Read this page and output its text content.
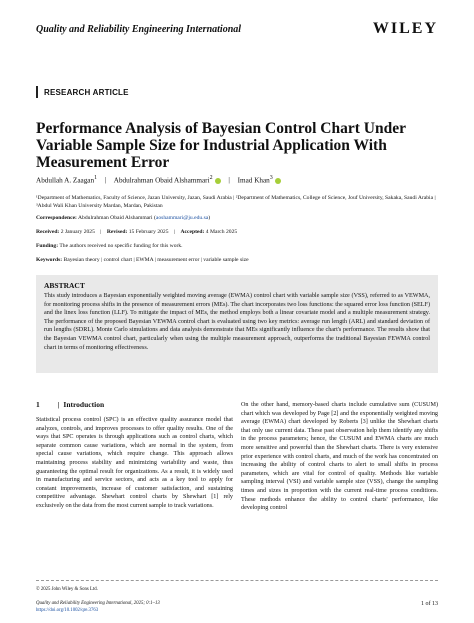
Quality and Reliability Engineering International	WILEY
RESEARCH ARTICLE
Performance Analysis of Bayesian Control Chart Under Variable Sample Size for Industrial Application With Measurement Error
Abdullah A. Zaagan$^1$ | Abdulrahman Obaid Alshammari$^2$ | Imad Khan$^3$
¹Department of Mathematics, Faculty of Science, Jazan University, Jazan, Saudi Arabia | ²Department of Mathematics, College of Science, Jouf University, Sakaka, Saudi Arabia | ³Abdul Wali Khan University Mardan, Mardan, Pakistan
Correspondence: Abdulrahman Obaid Alshammari (aoshammari@ju.edu.sa)
Received: 2 January 2025 | Revised: 15 February 2025 | Accepted: 4 March 2025
Funding: The authors received no specific funding for this work.
Keywords: Bayesian theory | control chart | EWMA | measurement error | variable sample size
ABSTRACT
This study introduces a Bayesian exponentially weighted moving average (EWMA) control chart with variable sample size (VSS), referred to as VEWMA, for monitoring process shifts in the presence of measurement errors (MEs). The chart incorporates two loss functions: the squared error loss function (SELF) and the linex loss function (LLF). To mitigate the impact of MEs, the method employs both a linear covariate model and a multiple measurement strategy. The performance of the proposed Bayesian VEWMA control chart is evaluated using two key metrics: average run length (ARL) and standard deviation of run lengths (SDRL). Monte Carlo simulations and data analysis demonstrate that MEs significantly influence the chart's performance. The results show that the Bayesian VEWMA control chart, particularly when using the multiple measurement approach, outperforms the traditional Bayesian FEWMA control chart in terms of monitoring effectiveness.
1 | Introduction
Statistical process control (SPC) is an effective quality assurance model that analyzes, controls, and improves processes to offer quality results. One of the ways that SPC operates is through applications such as control charts, which separate common cause variations, which are normal in the system, from special cause variations, which require change. This approach allows maintaining process stability and minimizing variability and waste, thus guaranteeing the optimal result for organizations. As a result, it is widely used in manufacturing and service sectors, and acts as a key tool to apply for constant improvements, increase of customer satisfaction, and sustaining competitive advantage. Shewhart control charts by Shewhart [1] rely exclusively on the data from the most current sample to track variations.
On the other hand, memory-based charts include cumulative sum (CUSUM) chart which was developed by Page [2] and the exponentially weighted moving average (EWMA) chart developed by Roberts [3] unlike the Shewhart charts that only use current data. These past observation help them identify any shifts in the process parameters; hence, the CUSUM and EWMA charts are much more sensitive and powerful than the Shewhart charts. There is very extensive prior experience with control charts, and much of the work has concentrated on increasing the ability of control charts to alert to small shifts in process parameters, which are vital for control of quality. Methods like variable sampling interval (VSI) and variable sample size (VSS), change the sampling times and sizes in proportion with the current real-time process conditions. These methods enhance the ability to control charts' performance, like developing control
© 2025 John Wiley & Sons Ltd.
Quality and Reliability Engineering International, 2025; 0:1–13
https://doi.org/10.1002/qre.3763
1 of 13
